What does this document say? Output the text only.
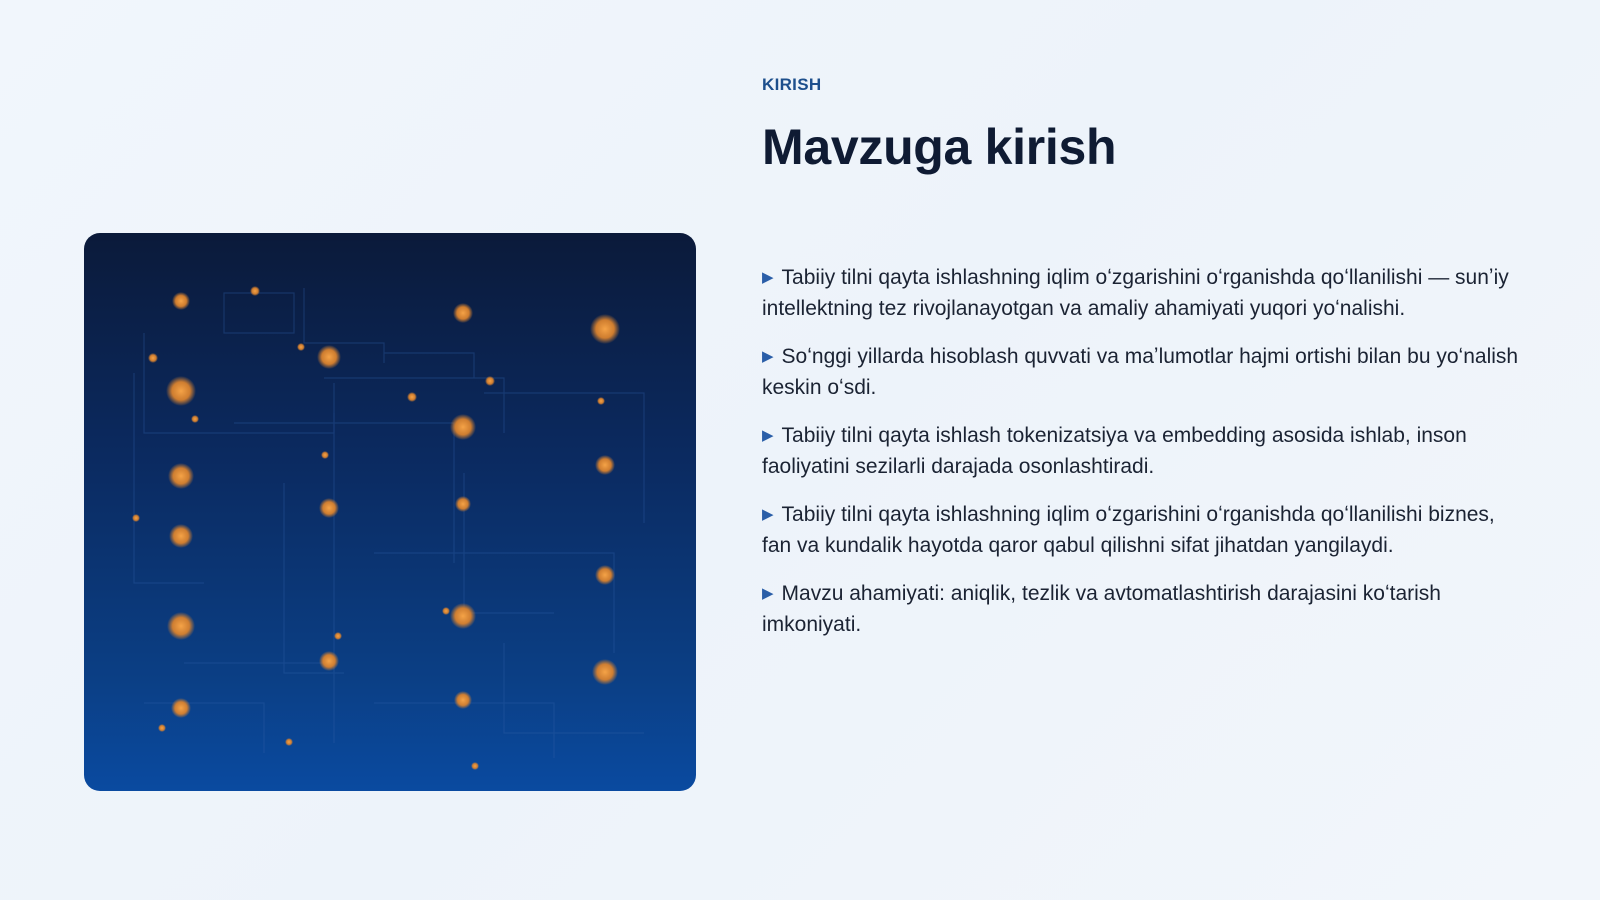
KIRISH
Mavzuga kirish
▶ Tabiiy tilni qayta ishlashning iqlim oʻzgarishini oʻrganishda qoʻllanilishi — sunʼiy intellektning tez rivojlanayotgan va amaliy ahamiyati yuqori yoʻnalishi.
▶ Soʻnggi yillarda hisoblash quvvati va maʼlumotlar hajmi ortishi bilan bu yoʻnalish keskin oʻsdi.
▶ Tabiiy tilni qayta ishlash tokenizatsiya va embedding asosida ishlab, inson faoliyatini sezilarli darajada osonlashtiradi.
▶ Tabiiy tilni qayta ishlashning iqlim oʻzgarishini oʻrganishda qoʻllanilishi biznes, fan va kundalik hayotda qaror qabul qilishni sifat jihatdan yangilaydi.
▶ Mavzu ahamiyati: aniqlik, tezlik va avtomatlashtirish darajasini koʻtarish imkoniyati.
